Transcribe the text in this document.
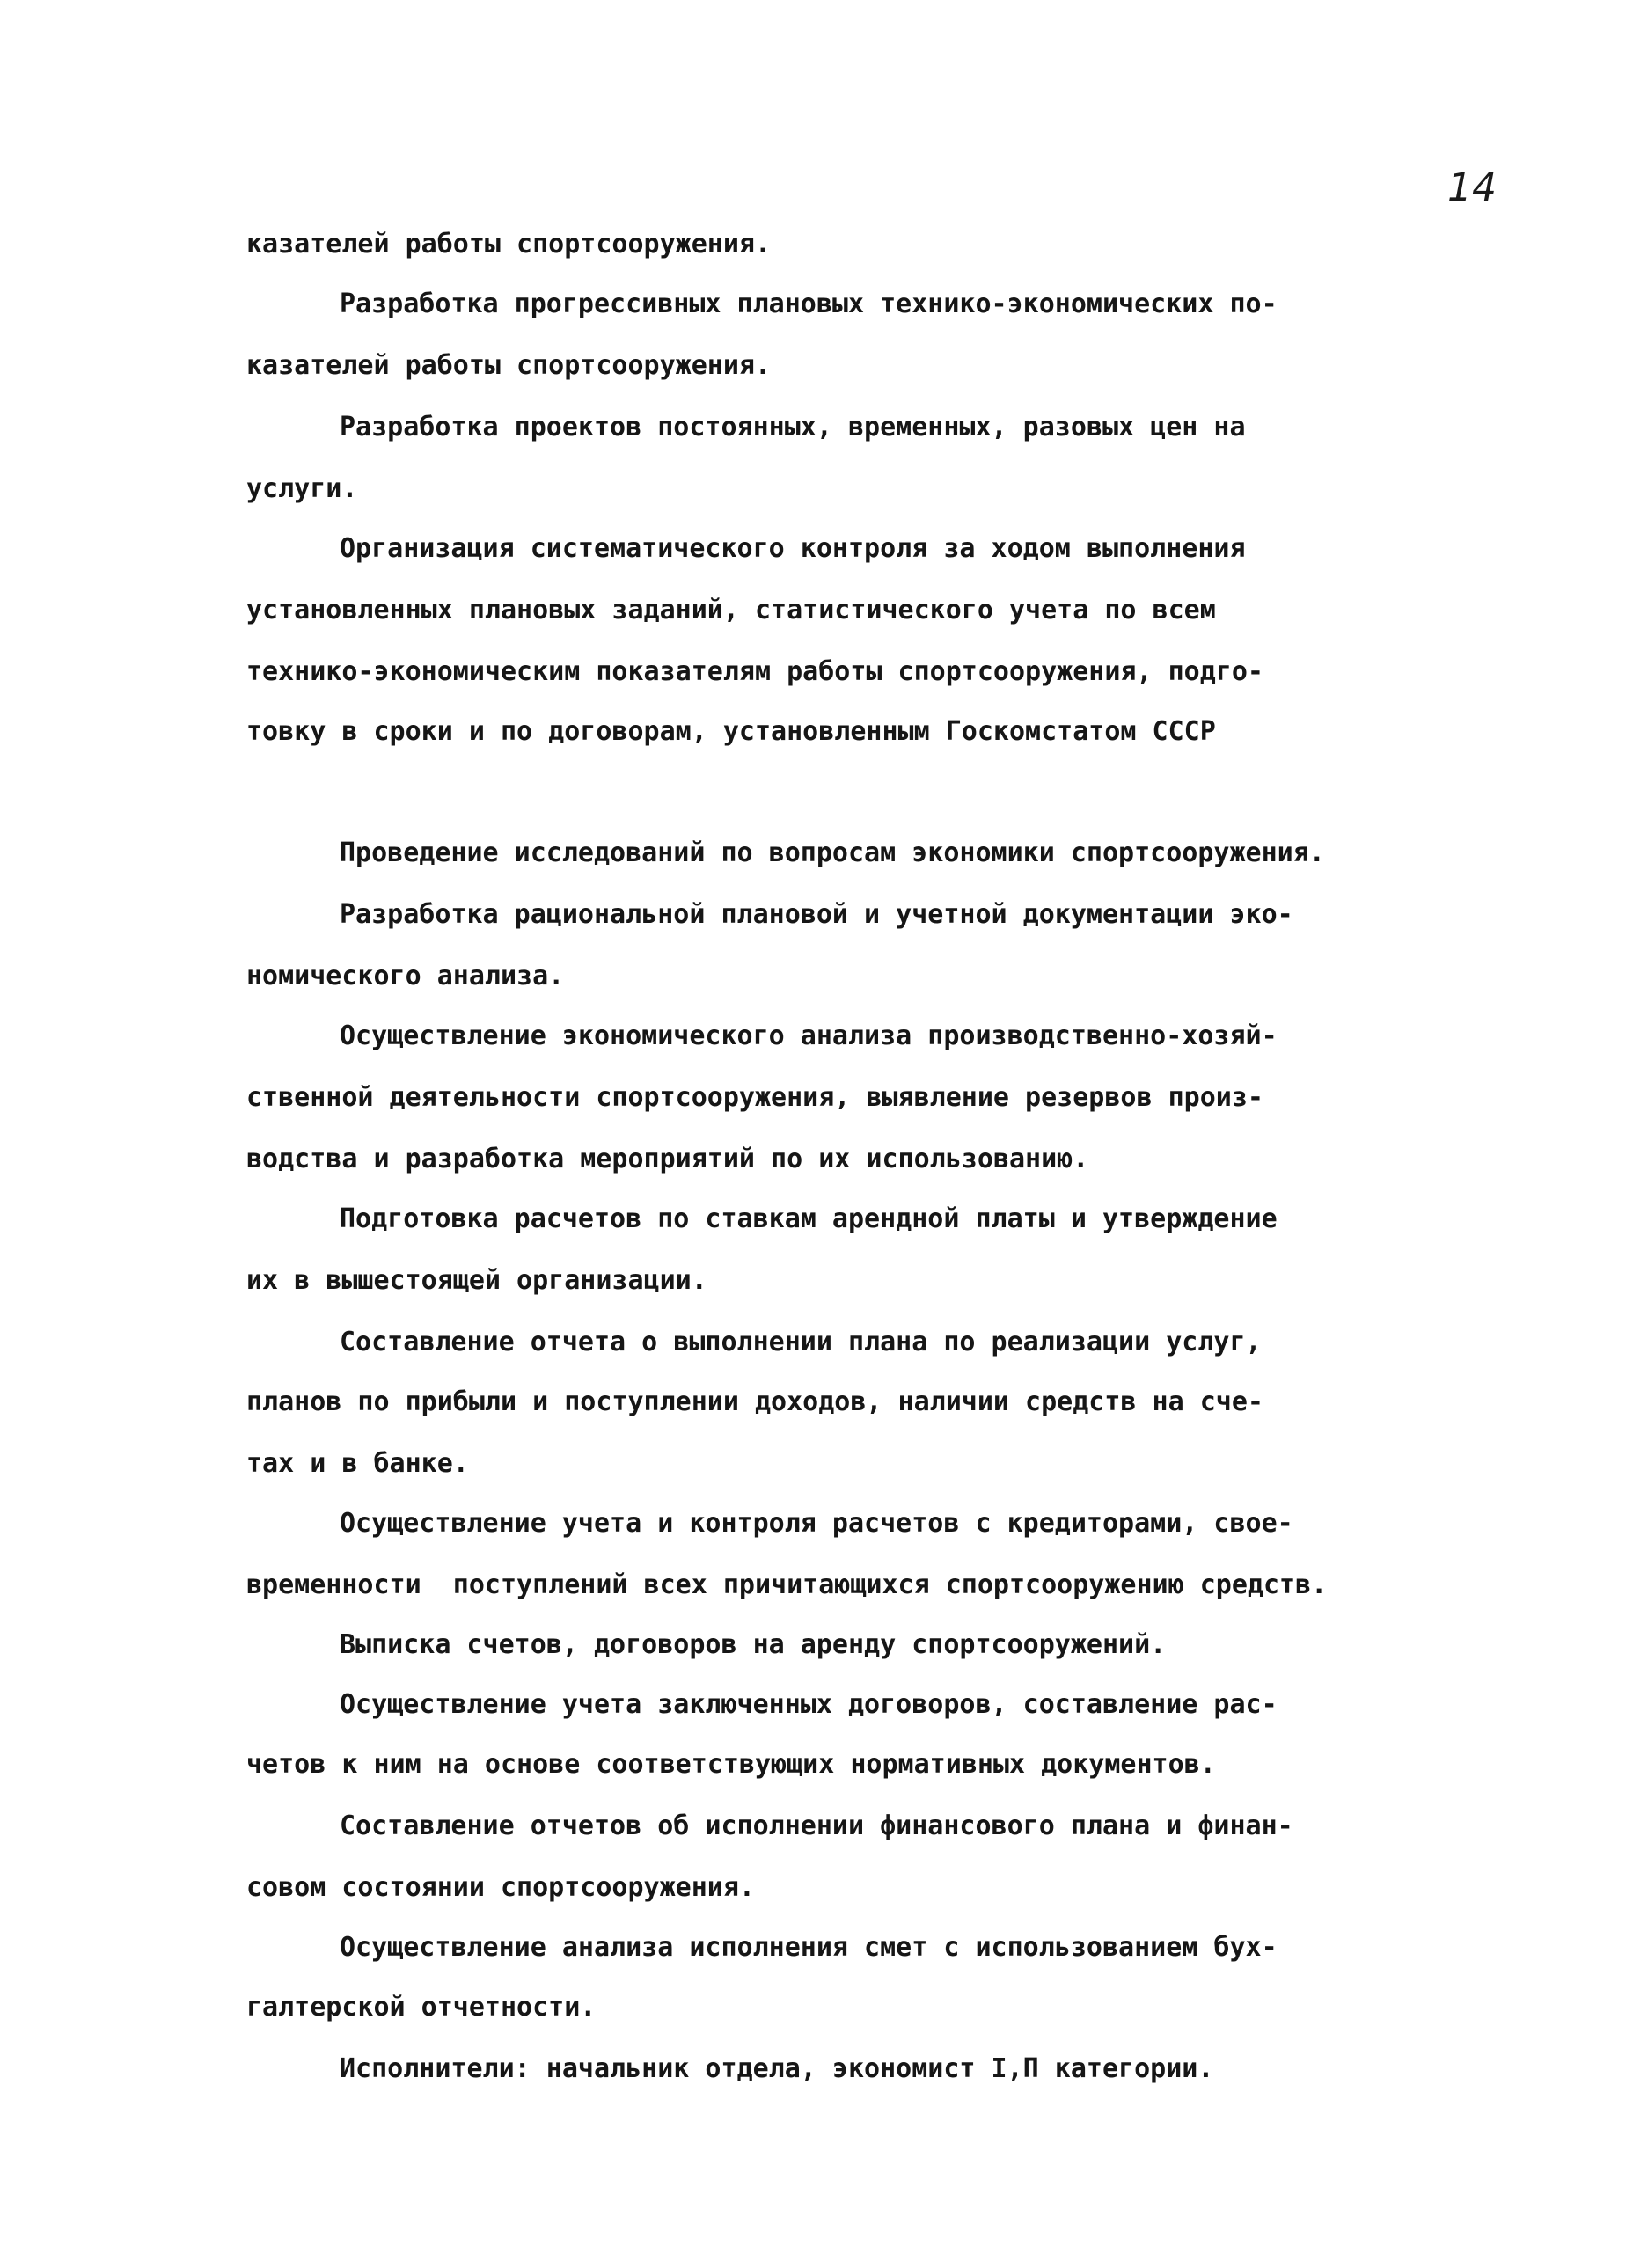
14
казателей работы спортсооружения.
Разработка прогрессивных плановых технико-экономических по-
казателей работы спортсооружения.
Разработка проектов постоянных, временных, разовых цен на
услуги.
Организация систематического контроля за ходом выполнения
установленных плановых заданий, статистического учета по всем
технико-экономическим показателям работы спортсооружения, подго-
товку в сроки и по договорам, установленным Госкомстатом СССР
Проведение исследований по вопросам экономики спортсооружения.
Разработка рациональной плановой и учетной документации эко-
номического анализа.
Осуществление экономического анализа производственно-хозяй-
ственной деятельности спортсооружения, выявление резервов произ-
водства и разработка мероприятий по их использованию.
Подготовка расчетов по ставкам арендной платы и утверждение
их в вышестоящей организации.
Составление отчета о выполнении плана по реализации услуг,
планов по прибыли и поступлении доходов, наличии средств на сче-
тах и в банке.
Осуществление учета и контроля расчетов с кредиторами, свое-
временности  поступлений всех причитающихся спортсооружению средств.
Выписка счетов, договоров на аренду спортсооружений.
Осуществление учета заключенных договоров, составление рас-
четов к ним на основе соответствующих нормативных документов.
Составление отчетов об исполнении финансового плана и финан-
совом состоянии спортсооружения.
Осуществление анализа исполнения смет с использованием бух-
галтерской отчетности.
Исполнители: начальник отдела, экономист I,П категории.
